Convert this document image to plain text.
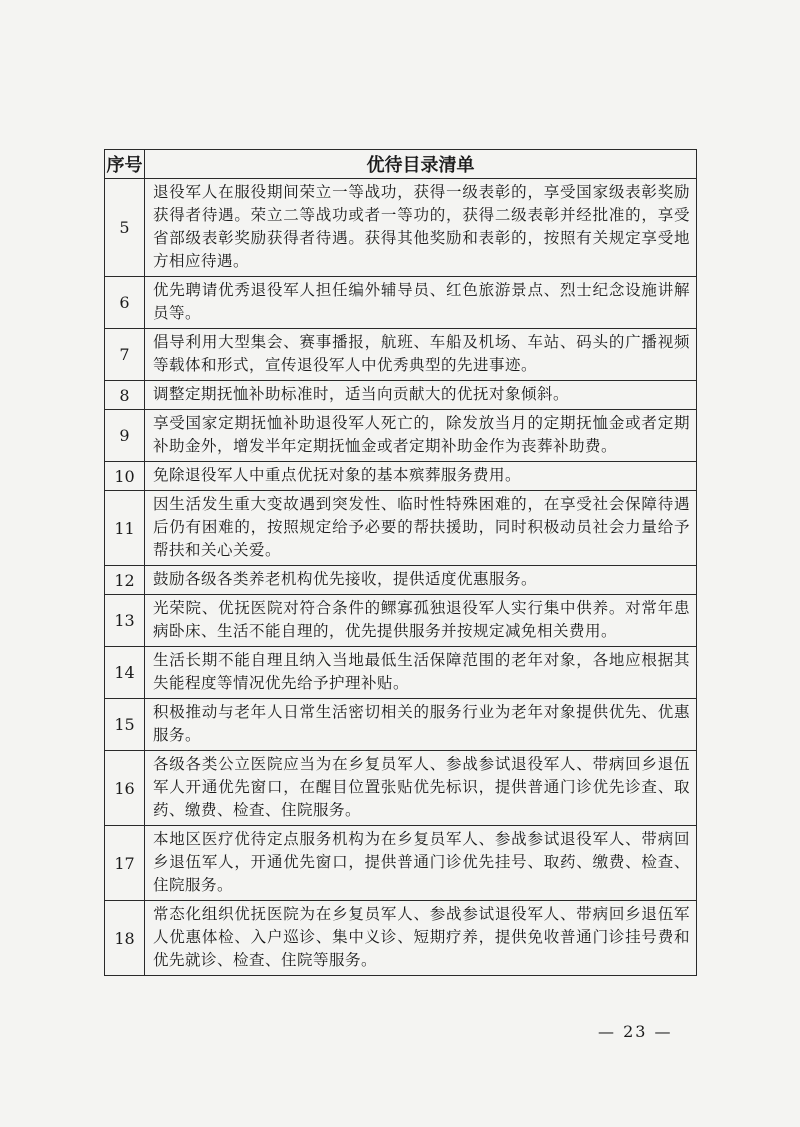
序号	优待目录清单
5	退役军人在服役期间荣立一等战功，获得一级表彰的，享受国家级表彰奖励获得者待遇。荣立二等战功或者一等功的，获得二级表彰并经批准的，享受省部级表彰奖励获得者待遇。获得其他奖励和表彰的，按照有关规定享受地方相应待遇。
6	优先聘请优秀退役军人担任编外辅导员、红色旅游景点、烈士纪念设施讲解员等。
7	倡导利用大型集会、赛事播报，航班、车船及机场、车站、码头的广播视频等载体和形式，宣传退役军人中优秀典型的先进事迹。
8	调整定期抚恤补助标准时，适当向贡献大的优抚对象倾斜。
9	享受国家定期抚恤补助退役军人死亡的，除发放当月的定期抚恤金或者定期补助金外，增发半年定期抚恤金或者定期补助金作为丧葬补助费。
10	免除退役军人中重点优抚对象的基本殡葬服务费用。
11	因生活发生重大变故遇到突发性、临时性特殊困难的，在享受社会保障待遇后仍有困难的，按照规定给予必要的帮扶援助，同时积极动员社会力量给予帮扶和关心关爱。
12	鼓励各级各类养老机构优先接收，提供适度优惠服务。
13	光荣院、优抚医院对符合条件的鳏寡孤独退役军人实行集中供养。对常年患病卧床、生活不能自理的，优先提供服务并按规定减免相关费用。
14	生活长期不能自理且纳入当地最低生活保障范围的老年对象，各地应根据其失能程度等情况优先给予护理补贴。
15	积极推动与老年人日常生活密切相关的服务行业为老年对象提供优先、优惠服务。
16	各级各类公立医院应当为在乡复员军人、参战参试退役军人、带病回乡退伍军人开通优先窗口，在醒目位置张贴优先标识，提供普通门诊优先诊查、取药、缴费、检查、住院服务。
17	本地区医疗优待定点服务机构为在乡复员军人、参战参试退役军人、带病回乡退伍军人，开通优先窗口，提供普通门诊优先挂号、取药、缴费、检查、住院服务。
18	常态化组织优抚医院为在乡复员军人、参战参试退役军人、带病回乡退伍军人优惠体检、入户巡诊、集中义诊、短期疗养，提供免收普通门诊挂号费和优先就诊、检查、住院等服务。
— 23 —
